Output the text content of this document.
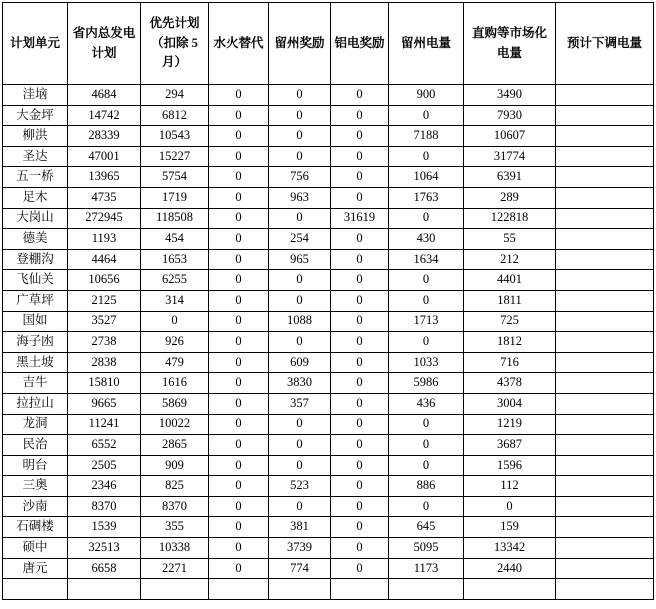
计划单元	省内总发电计划	优先计划（扣除 5 月）	水火替代	留州奖励	铝电奖励	留州电量	直购等市场化电量	预计下调电量
洼垴	4684	294	0	0	0	900	3490	
大金坪	14742	6812	0	0	0	0	7930	
柳洪	28339	10543	0	0	0	7188	10607	
圣达	47001	15227	0	0	0	0	31774	
五一桥	13965	5754	0	756	0	1064	6391	
足木	4735	1719	0	963	0	1763	289	
大岗山	272945	118508	0	0	31619	0	122818	
德美	1193	454	0	254	0	430	55	
登棚沟	4464	1653	0	965	0	1634	212	
飞仙关	10656	6255	0	0	0	0	4401	
广草坪	2125	314	0	0	0	0	1811	
国如	3527	0	0	1088	0	1713	725	
海子凼	2738	926	0	0	0	0	1812	
黑土坡	2838	479	0	609	0	1033	716	
吉牛	15810	1616	0	3830	0	5986	4378	
拉拉山	9665	5869	0	357	0	436	3004	
龙洞	11241	10022	0	0	0	0	1219	
民治	6552	2865	0	0	0	0	3687	
明台	2505	909	0	0	0	0	1596	
三奥	2346	825	0	523	0	886	112	
沙南	8370	8370	0	0	0	0	0	
石碉楼	1539	355	0	381	0	645	159	
硕中	32513	10338	0	3739	0	5095	13342	
唐元	6658	2271	0	774	0	1173	2440	
